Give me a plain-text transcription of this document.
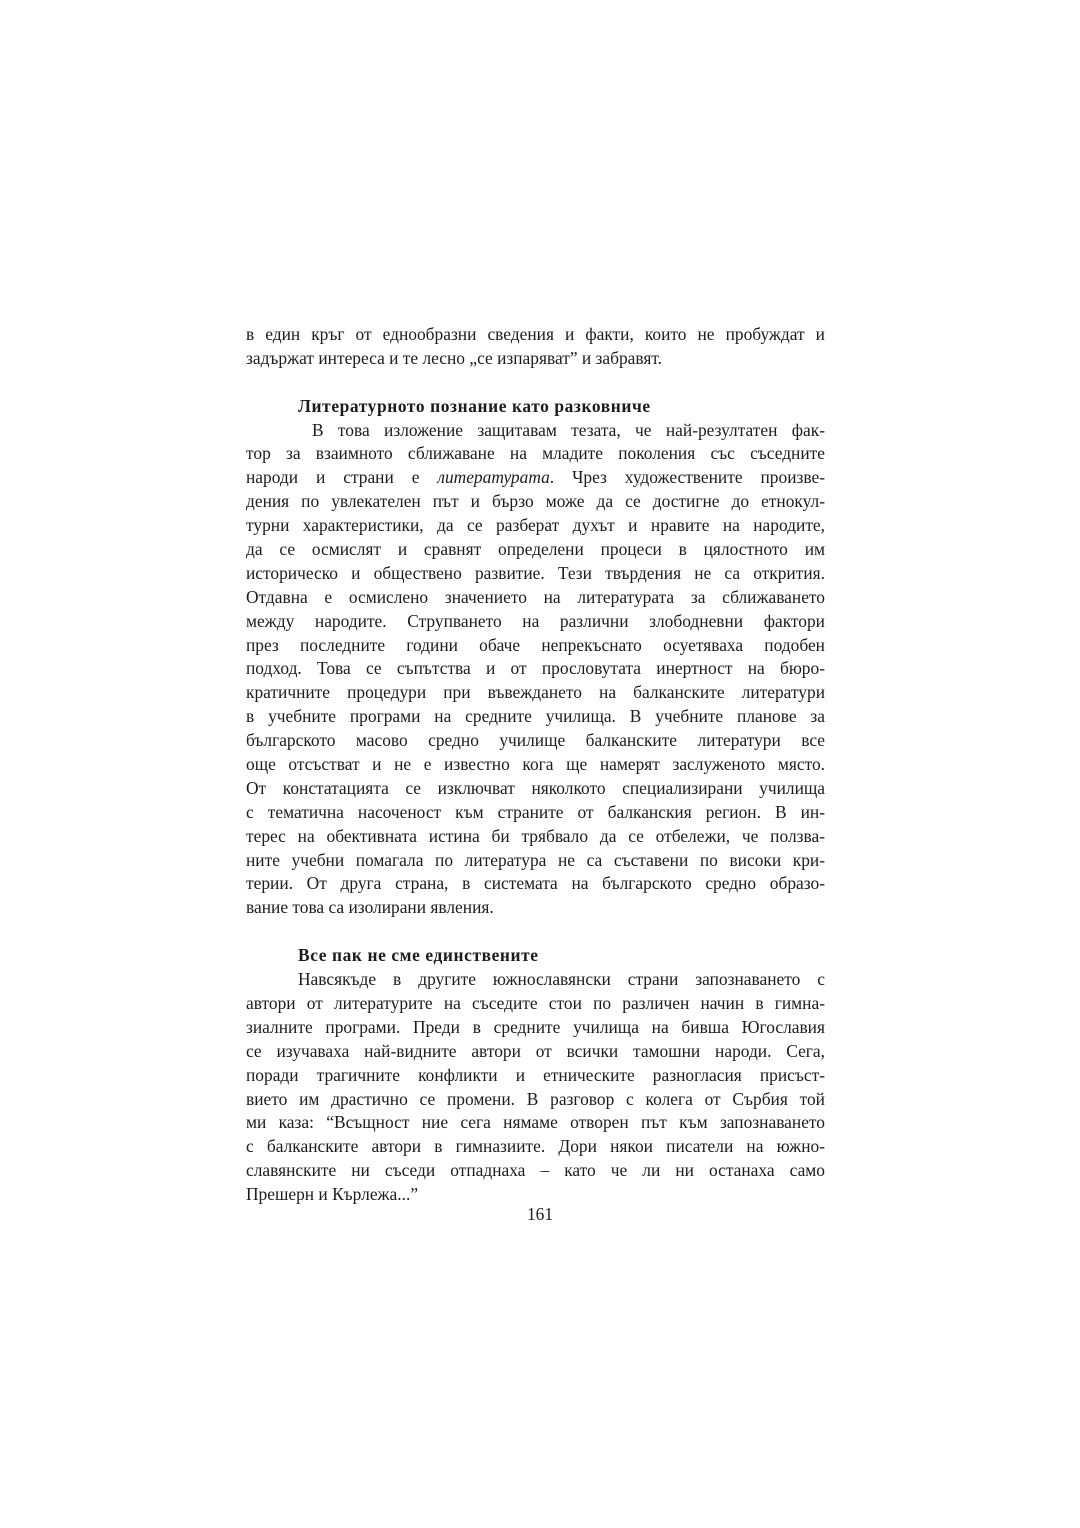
в един кръг от еднообразни сведения и факти, които не пробуждат и
задържат интереса и те лесно „се изпаряват” и забравят.
Литературното познание като разковниче
В това изложение защитавам тезата, че най-резултатен фак-
тор за взаимното сближаване на младите поколения със съседните
народи и страни е литературата. Чрез художествените произве-
дения по увлекателен път и бързо може да се достигне до етнокул-
турни характеристики, да се разберат духът и нравите на народите,
да се осмислят и сравнят определени процеси в цялостното им
историческо и обществено развитие. Тези твърдения не са открития.
Отдавна е осмислено значението на литературата за сближаването
между народите. Струпването на различни злободневни фактори
през последните години обаче непрекъснато осуетяваха подобен
подход. Това се съпътства и от прословутата инертност на бюро-
кратичните процедури при въвеждането на балканските литератури
в учебните програми на средните училища. В учебните планове за
българското масово средно училище балканските литератури все
още отсъстват и не е известно кога ще намерят заслуженото място.
От констатацията се изключват няколкото специализирани училища
с тематична насоченост към страните от балканския регион. В ин-
терес на обективната истина би трябвало да се отбележи, че ползва-
ните учебни помагала по литература не са съставени по високи кри-
терии. От друга страна, в системата на българското средно образо-
вание това са изолирани явления.
Все пак не сме единствените
Навсякъде в другите южнославянски страни запознаването с
автори от литературите на съседите стои по различен начин в гимна-
зиалните програми. Преди в средните училища на бивша Югославия
се изучаваха най-видните автори от всички тамошни народи. Сега,
поради трагичните конфликти и етническите разногласия присъст-
вието им драстично се промени. В разговор с колега от Сърбия той
ми каза: “Всъщност ние сега нямаме отворен път към запознаването
с балканските автори в гимназиите. Дори някои писатели на южно-
славянските ни съседи отпаднаха – като че ли ни останаха само
Прешерн и Кърлежа...”
161
